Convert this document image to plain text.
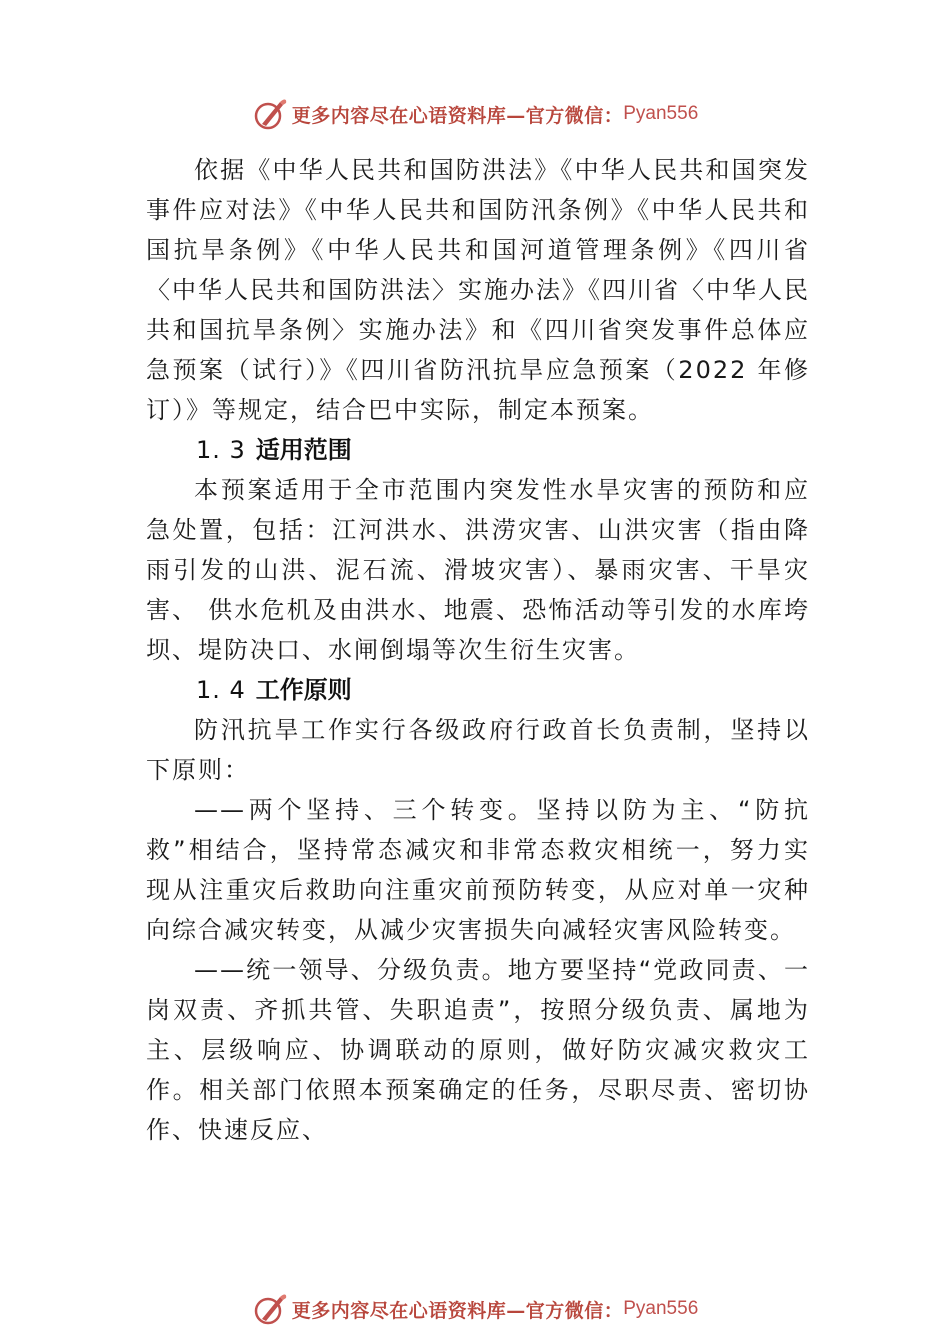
更多内容尽在心语资料库—官方微信： Pyan556

依据《中华人民共和国防洪法》《中华人民共和国突发事件应对法》《中华人民共和国防汛条例》《中华人民共和国抗旱条例》《中华人民共和国河道管理条例》《四川省〈中华人民共和国防洪法〉实施办法》《四川省〈中华人民共和国抗旱条例〉实施办法》和《四川省突发事件总体应急预案（试行）》《四川省防汛抗旱应急预案（2022 年修订）》等规定，结合巴中实际，制定本预案。

1. 3 适用范围

本预案适用于全市范围内突发性水旱灾害的预防和应急处置，包括：江河洪水、洪涝灾害、山洪灾害（指由降雨引发的山洪、泥石流、滑坡灾害）、暴雨灾害、干旱灾害、 供水危机及由洪水、地震、恐怖活动等引发的水库垮坝、堤防决口、水闸倒塌等次生衍生灾害。

1. 4 工作原则

防汛抗旱工作实行各级政府行政首长负责制，坚持以下原则：

——两个坚持、三个转变。坚持以防为主、“防抗救”相结合，坚持常态减灾和非常态救灾相统一，努力实现从注重灾后救助向注重灾前预防转变，从应对单一灾种向综合减灾转变，从减少灾害损失向减轻灾害风险转变。

——统一领导、分级负责。地方要坚持“党政同责、一岗双责、齐抓共管、失职追责”，按照分级负责、属地为主、层级响应、协调联动的原则，做好防灾减灾救灾工作。相关部门依照本预案确定的任务，尽职尽责、密切协作、快速反应、

更多内容尽在心语资料库—官方微信： Pyan556
